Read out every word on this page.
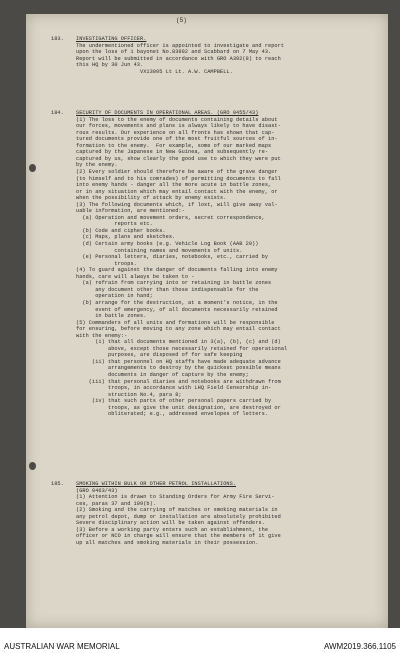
(5)
183. INVESTIGATING OFFICER.
The undermentioned officer is appointed to investigate and report
upon the loss of 1 bayonet No.83902 and Scabbard on 7 May 43.
Report will be submitted in accordance with GRO A392(8) to reach
this HQ by 30 Jun 43.
VX13095 Lt Lt. A.W. CAMPBELL.
184. SECURITY OF DOCUMENTS IN OPERATIONAL AREAS. (GRO 0455/43)
(1) The loss to the enemy of documents containing details about
our forces, movements and plans is always likely to have disast-
rous results. Our experience on all fronts has shown that cap-
tured documents provide one of the most fruitful sources of in-
formation to the enemy.  For example, some of our marked maps
captured by the Japanese in New Guinea, and subsequently re-
captured by us, show clearly the good use to which they were put
by the enemy.
(2) Every soldier should therefore be aware of the grave danger
(to himself and to his comrades) of permitting documents to fall
into enemy hands - danger all the more acute in battle zones,
or in any situation which may entail contact with the enemy, or
when the possibility of attack by enemy exists.
(3) The following documents which, if lost, will give away val-
uable information, are mentioned:-
(a) Operation and movement orders, secret correspondence,
reports etc.
(b) Code and cipher books.
(c) Maps, plans and sketches.
(d) Certain army books (e.g. Vehicle Log Book (AAB 20))
containing names and movements of units.
(e) Personal letters, diaries, notebooks, etc., carried by
troops.
(4) To guard against the danger of documents falling into enemy
hands, care will always be taken to -
(a) refrain from carrying into or retaining in battle zones
any document other than those indispensable for the
operation in hand;
(b) arrange for the destruction, at a moment's notice, in the
event of emergency, of all documents necessarily retained
in battle zones.
(5) Commanders of all units and formations will be responsible
for ensuring, before moving to any zone which may entail contact
with the enemy:-
(i) that all documents mentioned in 3(a), (b), (c) and (d)
above, except those necessarily retained for operational
purposes, are disposed of for safe keeping
(ii) that personnel on HQ staffs have made adequate advance
arrangements to destroy by the quickest possible means
documents in danger of capture by the enemy;
(iii) that personal diaries and notebooks are withdrawn from
troops, in accordance with LHQ Field Censorship in-
struction No.4, para 8;
(iv) that such parts of other personal papers carried by
troops, as give the unit designation, are destroyed or
obliterated; e.g., addressed envelopes of letters.
185. SMOKING WITHIN BULK OR OTHER PETROL INSTALLATIONS.
(GRO 0463/43)
(1) Attention is drawn to Standing Orders for Army Fire Servi-
ces, paras 37 and 199(b).
(2) Smoking and the carrying of matches or smoking materials in
any petrol depot, dump or installation are absolutely prohibited
Severe disciplinary action will be taken against offenders.
(3) Before a working party enters such an establishment, the
officer or NCO in charge will ensure that the members of it give
up all matches and smoking materials in their possession.
AUSTRALIAN WAR MEMORIAL	AWM2019.366.1105
